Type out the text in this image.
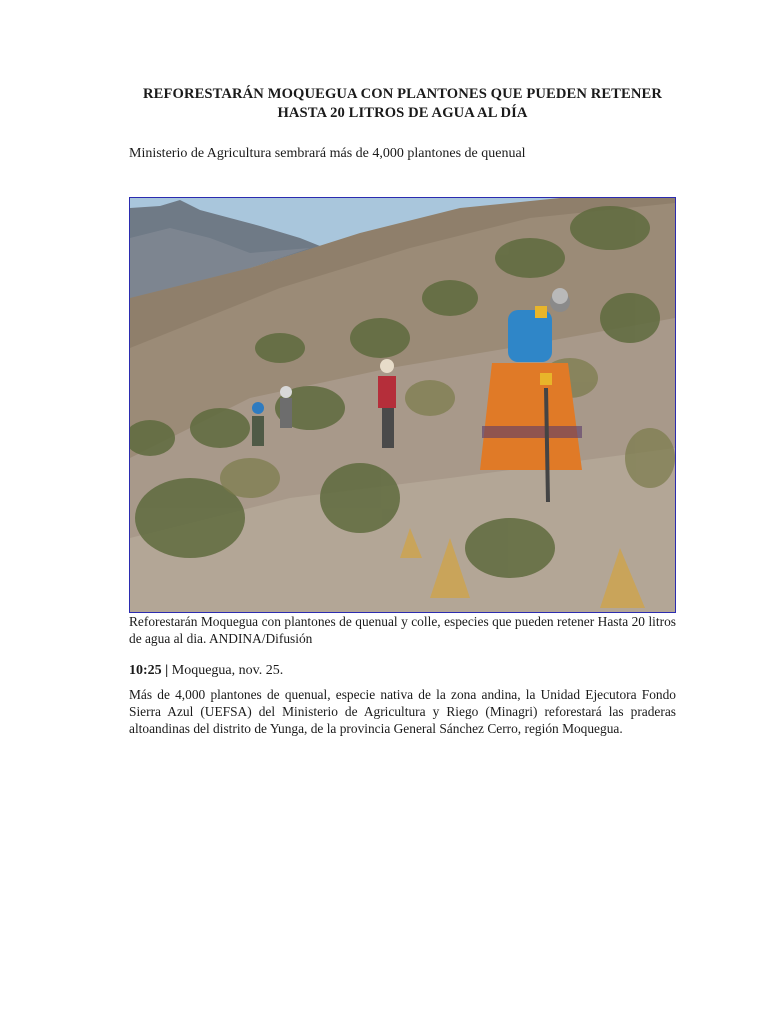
REFORESTARÁN MOQUEGUA CON PLANTONES QUE PUEDEN RETENER HASTA 20 LITROS DE AGUA AL DÍA

Ministerio de Agricultura sembrará más de 4,000 plantones de quenual

Reforestarán Moquegua con plantones de quenual y colle, especies que pueden retener Hasta 20 litros de agua al dia. ANDINA/Difusión

10:25 | Moquegua, nov. 25.

Más de 4,000 plantones de quenual, especie nativa de la zona andina, la Unidad Ejecutora Fondo Sierra Azul (UEFSA) del Ministerio de Agricultura y Riego (Minagri) reforestará las praderas altoandinas del distrito de Yunga, de la provincia General Sánchez Cerro, región Moquegua.
